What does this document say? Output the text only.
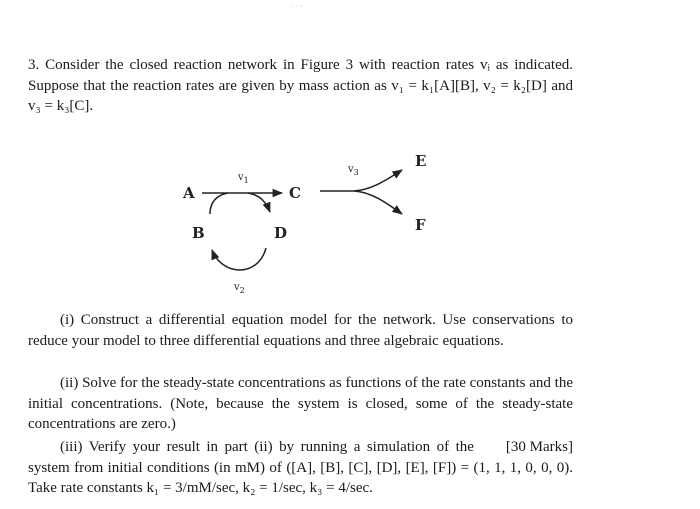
· · ·

3. Consider the closed reaction network in Figure 3 with reaction rates vᵢ as indicated. Suppose that the reaction rates are given by mass action as v₁ = k₁[A][B], v₂ = k₂[D] and v₃ = k₃[C].

A	C
$v_1$
B	D
$v_2$
$v_3$
E
F

(i) Construct a differential equation model for the network. Use conservations to reduce your model to three differential equations and three algebraic equations.

(ii) Solve for the steady-state concentrations as functions of the rate constants and the initial concentrations. (Note, because the system is closed, some of the steady-state concentrations are zero.)

[30 Marks]
(iii) Verify your result in part (ii) by running a simulation of the system from initial conditions (in mM) of ([A], [B], [C], [D], [E], [F]) = (1, 1, 1, 0, 0, 0). Take rate constants k₁ = 3/mM/sec, k₂ = 1/sec, k₃ = 4/sec.
